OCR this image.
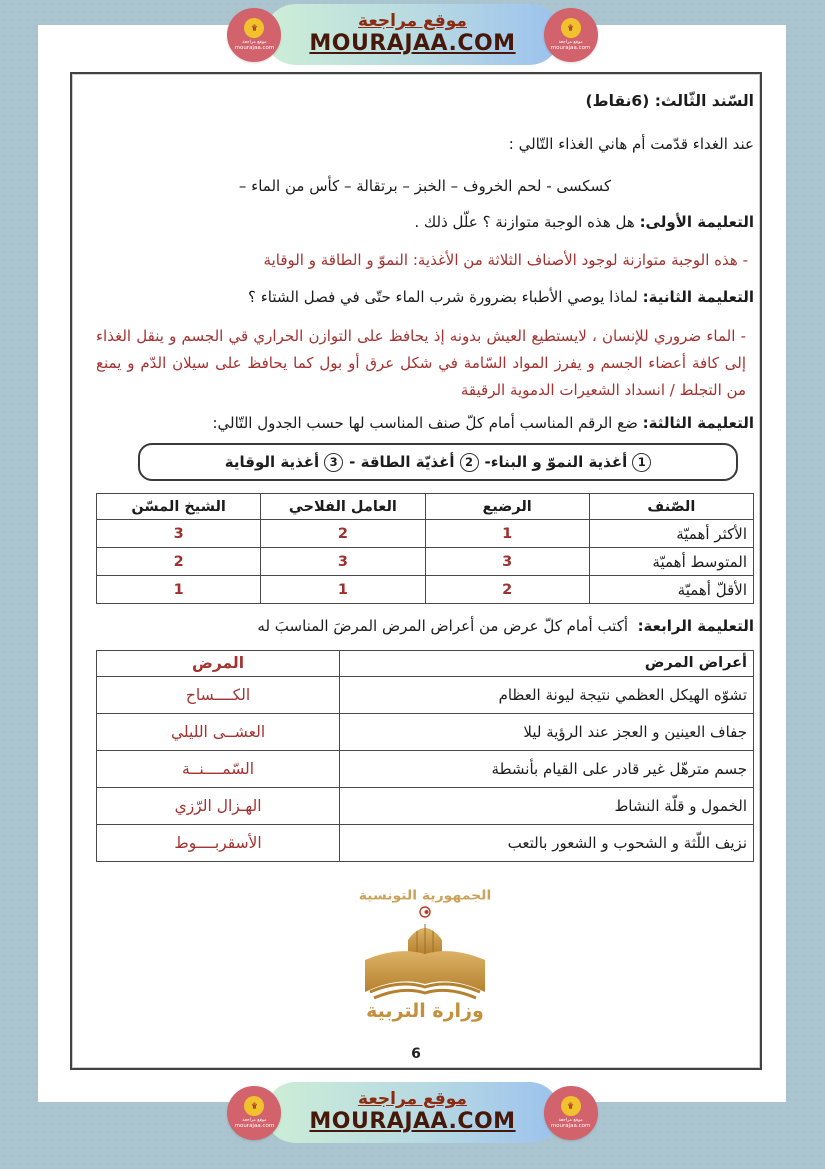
۩
موقع مراجعة
mourajaa.com
موقع مراجعة
MOURAJAA.COM
۩
موقع مراجعة
mourajaa.com

السّند الثّالث: (6نقاط)

عند الغداء قدّمت أم هاني الغذاء التّالي :

كسكسى - لحم الخروف – الخبز – برتقالة – كأس من الماء –

التعليمة الأولى: هل هذه الوجبة متوازنة ؟ علّل ذلك .

- هذه الوجبة متوازنة لوجود الأصناف الثلاثة من الأغذية: النموّ و الطاقة و الوقاية

التعليمة الثانية: لماذا يوصي الأطباء بضرورة شرب الماء حتّى في فصل الشتاء ؟

- الماء ضروري للإنسان ، لايستطيع العيش بدونه إذ يحافظ على التوازن الحراري قي الجسم و ينقل الغذاء إلى كافة أعضاء الجسم و يفرز المواد السّامة في شكل عرق أو بول كما يحافظ على سيلان الدّم و يمنع من التجلط / انسداد الشعيرات الدموية الرقيقة

التعليمة الثالثة: ضع الرقم المناسب أمام كلّ صنف المناسب لها حسب الجدول التّالي:

1
أغذية النموّ و البناء-
2
أغذيّة الطاقة -
3
أغذية الوقاية
الصّنف	الرضيع	العامل الفلاحي	الشيخ المسّن
الأكثر أهميّة	1	2	3
المتوسط أهميّة	3	3	2
الأقلّ أهميّة	2	1	1

التعليمة الرابعة:  أكتب أمام كلّ عرض من أعراض المرض المرضَ المناسبَ له

أعراض المرض	المرض
تشوّه الهيكل العظمي نتيجة ليونة العظام	الكــــساح
جفاف العينين و العجز عند الرؤية ليلا	العشــى الليلي
جسم مترهّل غير قادر على القيام بأنشطة	السّمــــنــة
الخمول و قلّة النشاط	الهـزال الرّزي
نزيف اللّثة و الشحوب و الشعور بالتعب	الأسقربــــوط
الجمهورية التونسية
وزارة التربية
6
۩
موقع مراجعة
mourajaa.com
موقع مراجعة
MOURAJAA.COM
۩
موقع مراجعة
mourajaa.com
